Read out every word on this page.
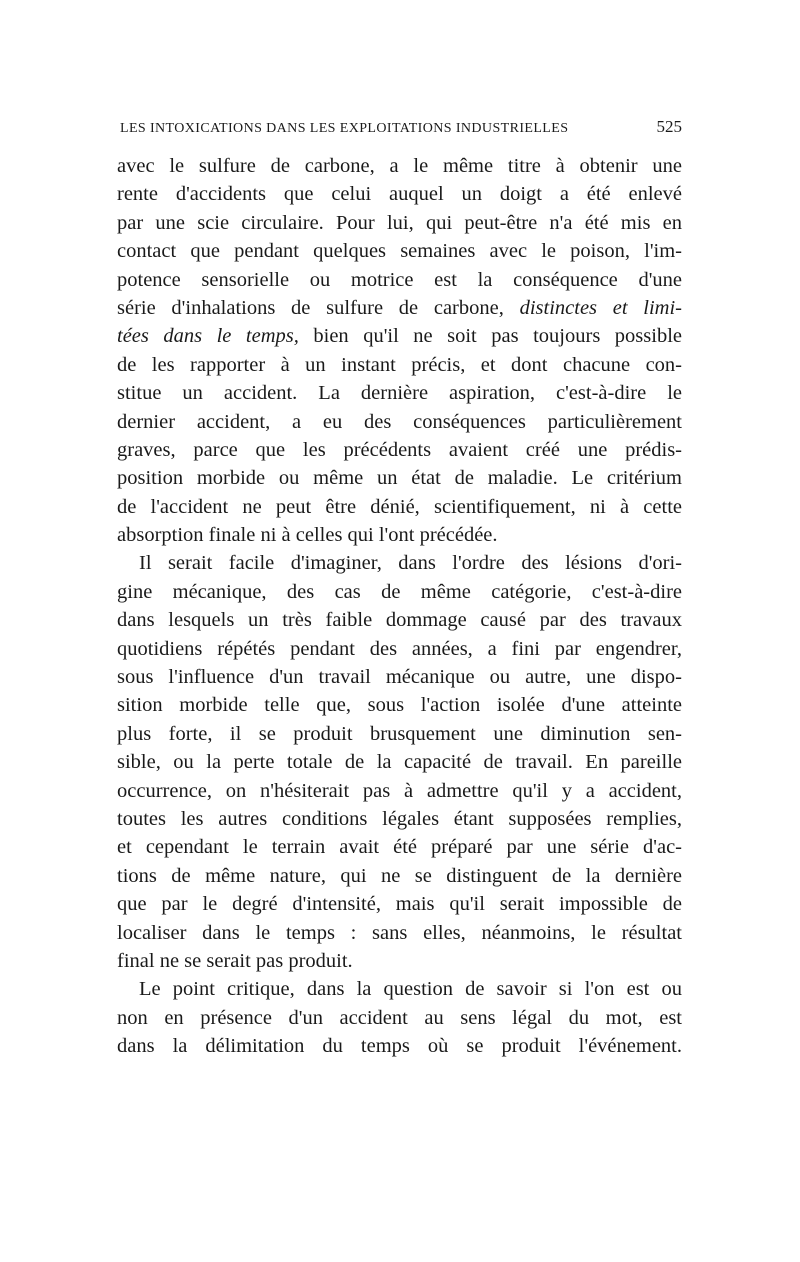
LES INTOXICATIONS DANS LES EXPLOITATIONS INDUSTRIELLES	525
avec le sulfure de carbone, a le même titre à obtenir une
rente d'accidents que celui auquel un doigt a été enlevé
par une scie circulaire. Pour lui, qui peut-être n'a été mis en
contact que pendant quelques semaines avec le poison, l'im-
potence sensorielle ou motrice est la conséquence d'une
série d'inhalations de sulfure de carbone, distinctes et limi-
tées dans le temps, bien qu'il ne soit pas toujours possible
de les rapporter à un instant précis, et dont chacune con-
stitue un accident. La dernière aspiration, c'est-à-dire le
dernier accident, a eu des conséquences particulièrement
graves, parce que les précédents avaient créé une prédis-
position morbide ou même un état de maladie. Le critérium
de l'accident ne peut être dénié, scientifiquement, ni à cette
absorption finale ni à celles qui l'ont précédée.
Il serait facile d'imaginer, dans l'ordre des lésions d'ori-
gine mécanique, des cas de même catégorie, c'est-à-dire
dans lesquels un très faible dommage causé par des travaux
quotidiens répétés pendant des années, a fini par engendrer,
sous l'influence d'un travail mécanique ou autre, une dispo-
sition morbide telle que, sous l'action isolée d'une atteinte
plus forte, il se produit brusquement une diminution sen-
sible, ou la perte totale de la capacité de travail. En pareille
occurrence, on n'hésiterait pas à admettre qu'il y a accident,
toutes les autres conditions légales étant supposées remplies,
et cependant le terrain avait été préparé par une série d'ac-
tions de même nature, qui ne se distinguent de la dernière
que par le degré d'intensité, mais qu'il serait impossible de
localiser dans le temps : sans elles, néanmoins, le résultat
final ne se serait pas produit.
Le point critique, dans la question de savoir si l'on est ou
non en présence d'un accident au sens légal du mot, est
dans la délimitation du temps où se produit l'événement.
